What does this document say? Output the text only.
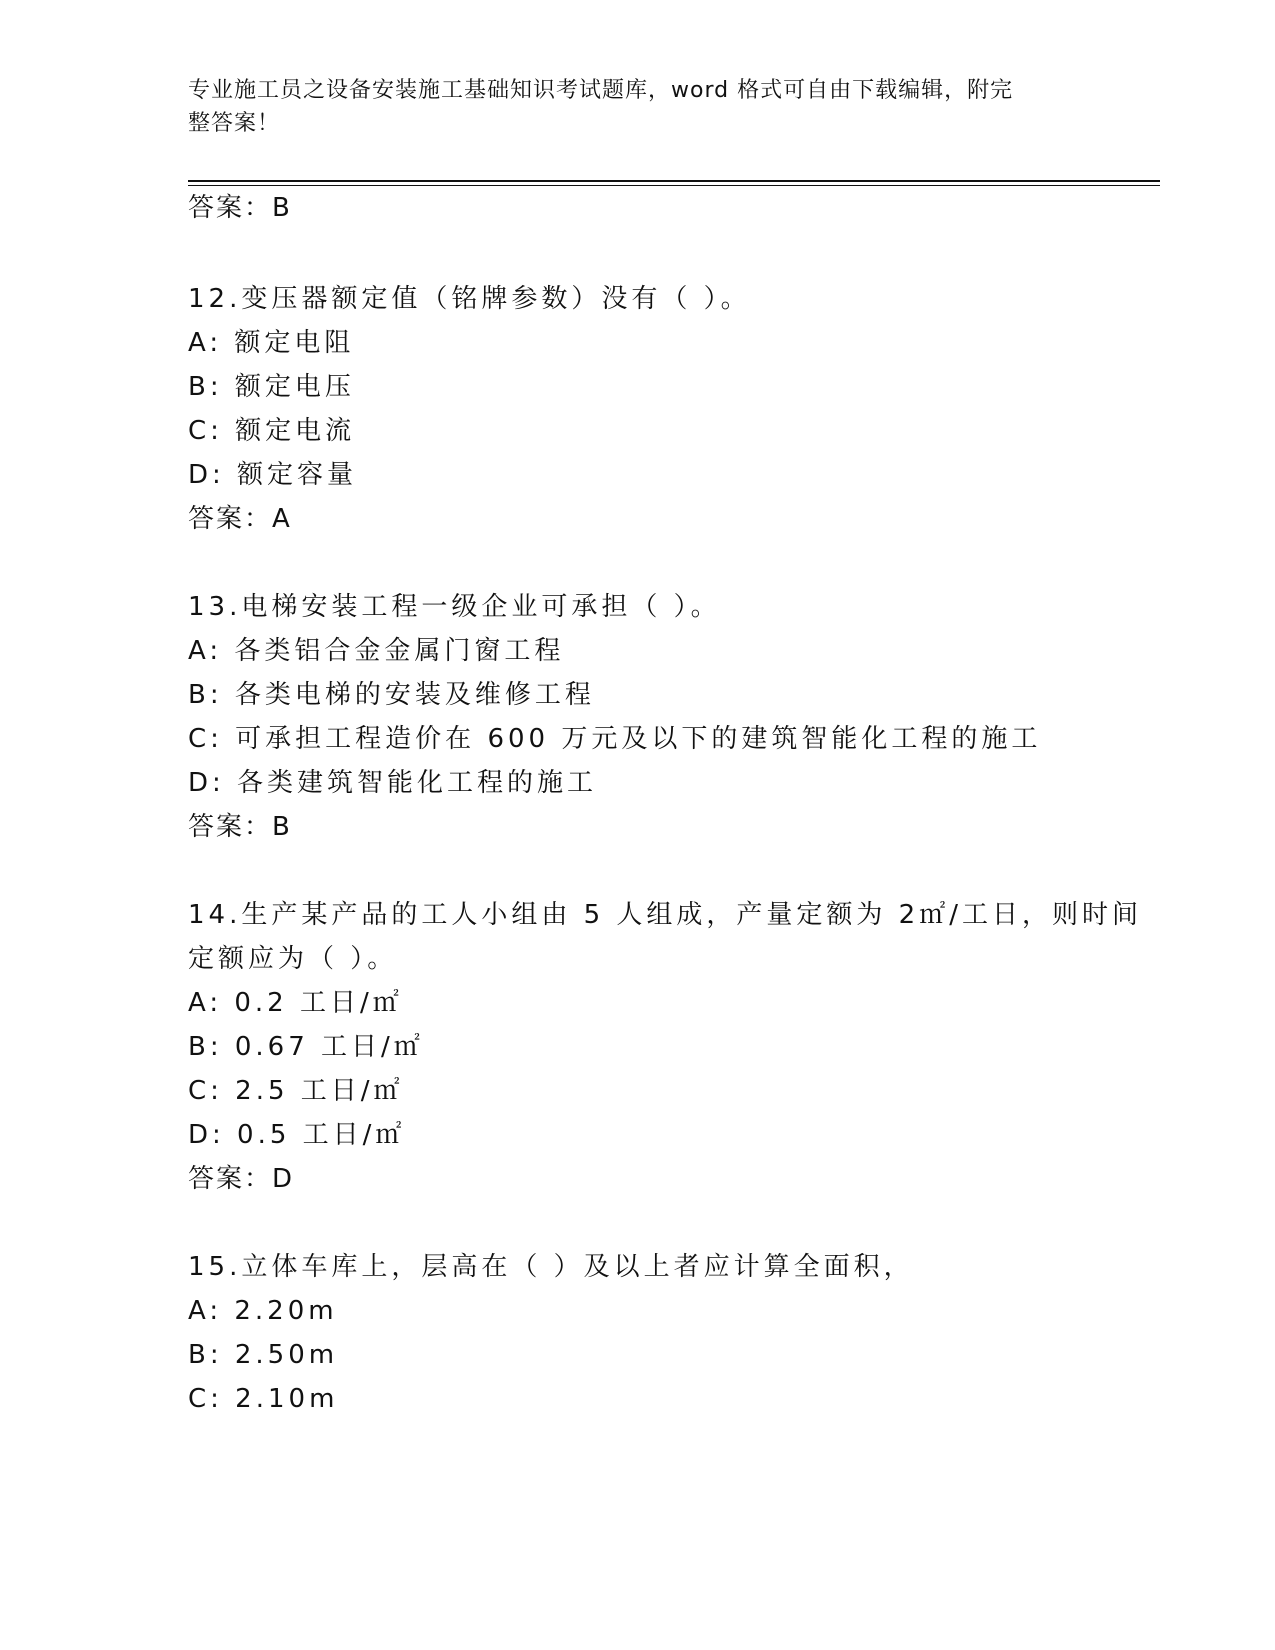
专业施工员之设备安装施工基础知识考试题库，word 格式可自由下载编辑，附完
整答案！
答案：B
12.变压器额定值（铭牌参数）没有（ ）。
A: 额定电阻
B: 额定电压
C: 额定电流
D: 额定容量
答案：A
13.电梯安装工程一级企业可承担（ ）。
A: 各类铝合金金属门窗工程
B: 各类电梯的安装及维修工程
C: 可承担工程造价在 600 万元及以下的建筑智能化工程的施工
D: 各类建筑智能化工程的施工
答案：B
14.生产某产品的工人小组由 5 人组成，产量定额为 2㎡/工日，则时间
定额应为（ ）。
A: 0.2 工日/㎡
B: 0.67 工日/㎡
C: 2.5 工日/㎡
D: 0.5 工日/㎡
答案：D
15.立体车库上，层高在（ ）及以上者应计算全面积，
A: 2.20m
B: 2.50m
C: 2.10m
